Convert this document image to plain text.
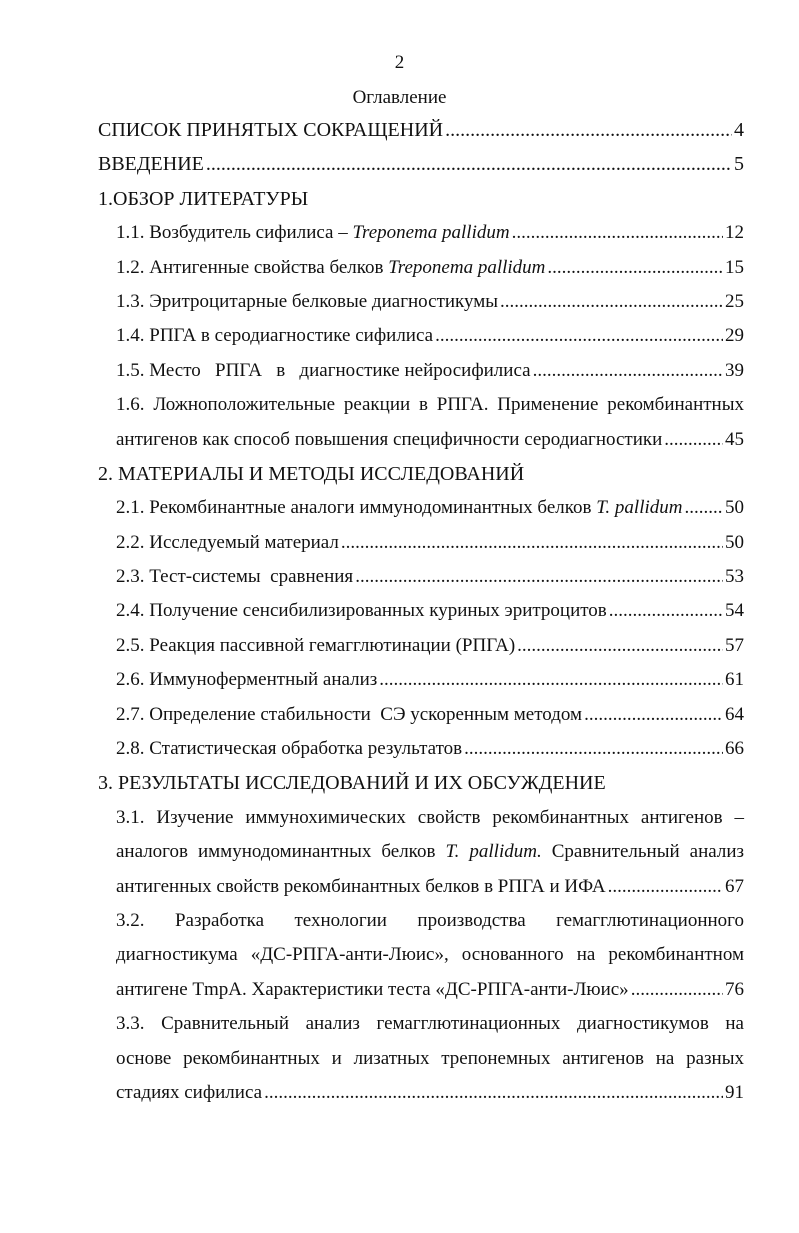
2
Оглавление
СПИСОК ПРИНЯТЫХ СОКРАЩЕНИЙ .....	4
ВВЕДЕНИЕ .....	5
1.ОБЗОР ЛИТЕРАТУРЫ
1.1. Возбудитель сифилиса – Treponema pallidum .....	12
1.2. Антигенные свойства белков Treponema pallidum .....	15
1.3. Эритроцитарные белковые диагностикумы .....	25
1.4. РПГА в серодиагностике сифилиса .....	29
1.5. Место   РПГА   в   диагностике нейросифилиса .....	39
1.6. Ложноположительные реакции в РПГА. Применение рекомбинантных
антигенов как способ повышения специфичности серодиагностики .....	45
2. МАТЕРИАЛЫ И МЕТОДЫ ИССЛЕДОВАНИЙ
2.1. Рекомбинантные аналоги иммунодоминантных белков T. pallidum ..... 50
2.2. Исследуемый материал .....	50
2.3. Тест-системы  сравнения .....	53
2.4. Получение сенсибилизированных куриных эритроцитов .....	54
2.5. Реакция пассивной гемагглютинации (РПГА) .....	57
2.6. Иммуноферментный анализ .....	61
2.7. Определение стабильности  СЭ ускоренным методом .....	64
2.8. Статистическая обработка результатов .....	66
3. РЕЗУЛЬТАТЫ ИССЛЕДОВАНИЙ И ИХ ОБСУЖДЕНИЕ
3.1. Изучение иммунохимических свойств рекомбинантных антигенов –
аналогов иммунодоминантных белков T. pallidum. Сравнительный анализ
антигенных свойств рекомбинантных белков в РПГА и ИФА .....	67
3.2. Разработка технологии производства гемагглютинационного
диагностикума «ДС-РПГА-анти-Люис», основанного на рекомбинантном
антигене TmpA. Характеристики теста «ДС-РПГА-анти-Люис» .....	76
3.3. Сравнительный анализ гемагглютинационных диагностикумов на
основе рекомбинантных и лизатных трепонемных антигенов на разных
стадиях сифилиса .....	91
